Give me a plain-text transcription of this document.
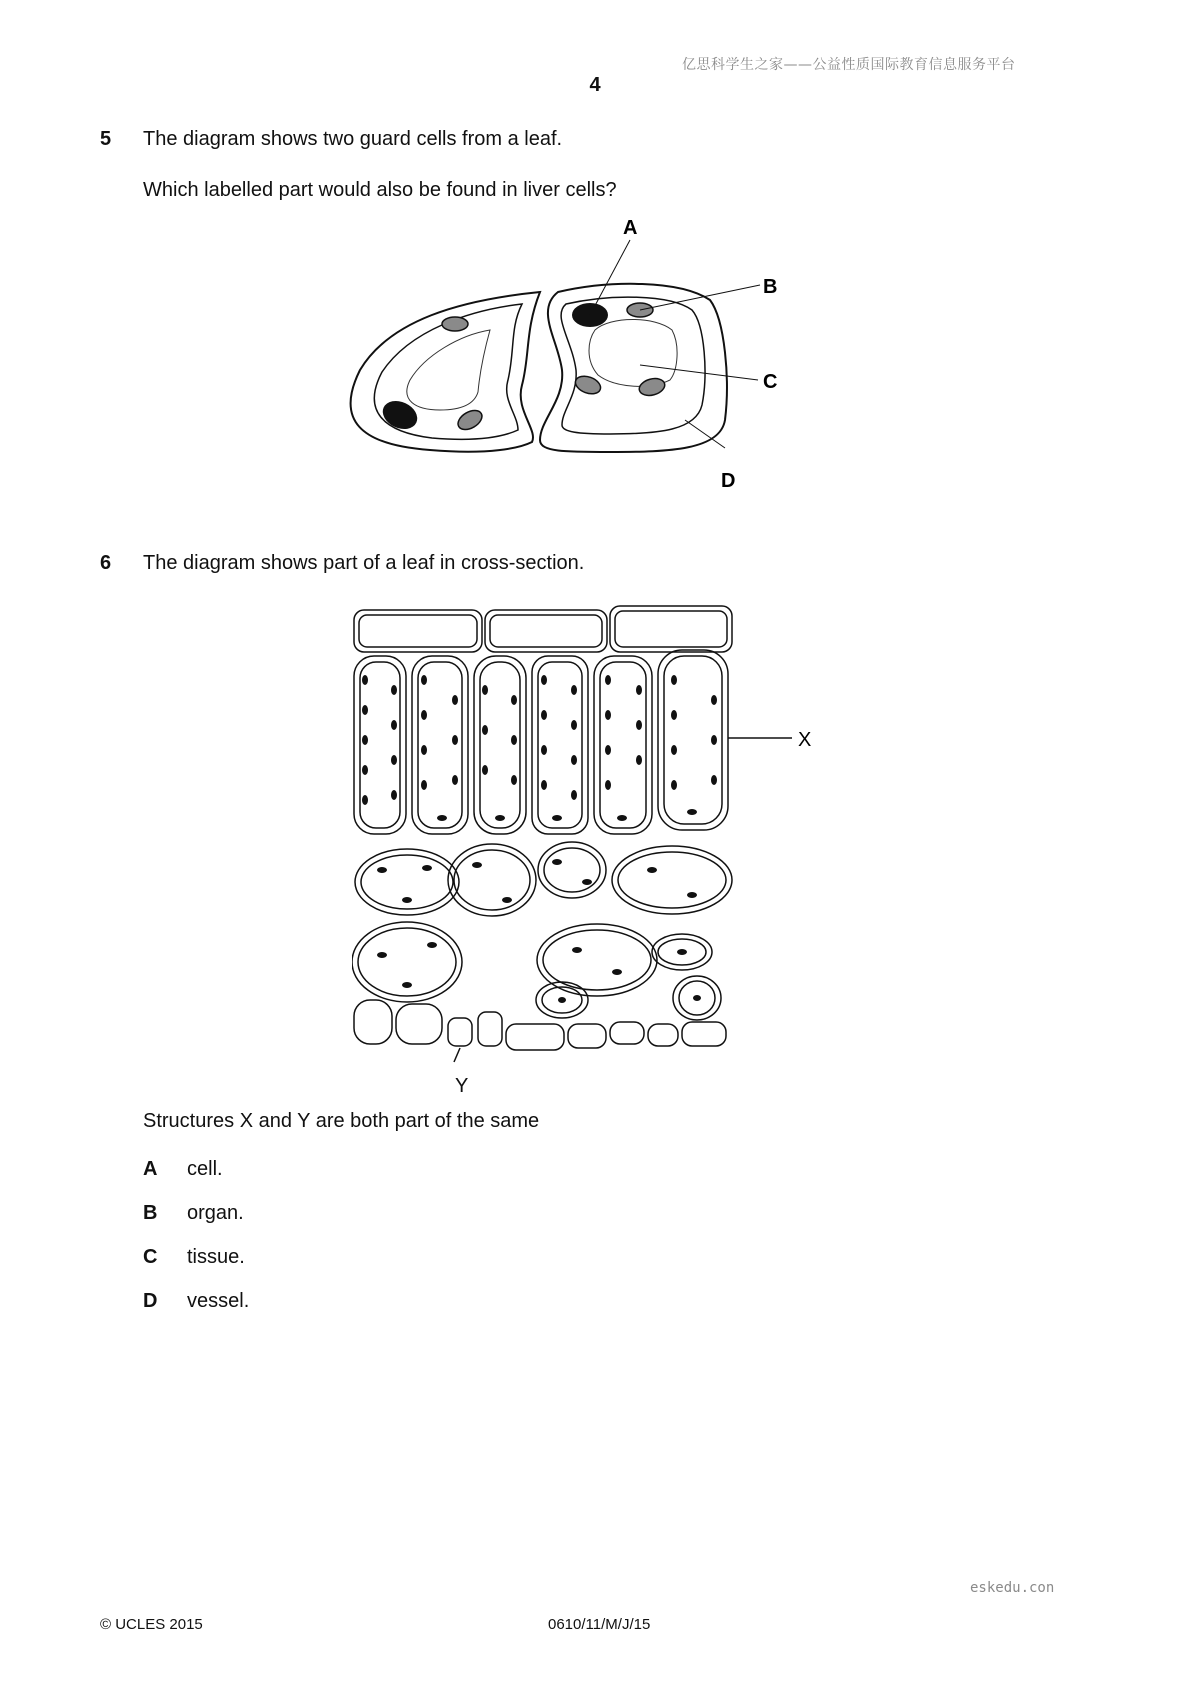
亿思科学生之家——公益性质国际教育信息服务平台
4
5 The diagram shows two guard cells from a leaf.
Which labelled part would also be found in liver cells?
A
B
C
D
6 The diagram shows part of a leaf in cross-section.
X
Y
Structures X and Y are both part of the same
A cell.
B organ.
C tissue.
D vessel.
eskedu.con
© UCLES 2015	0610/11/M/J/15
